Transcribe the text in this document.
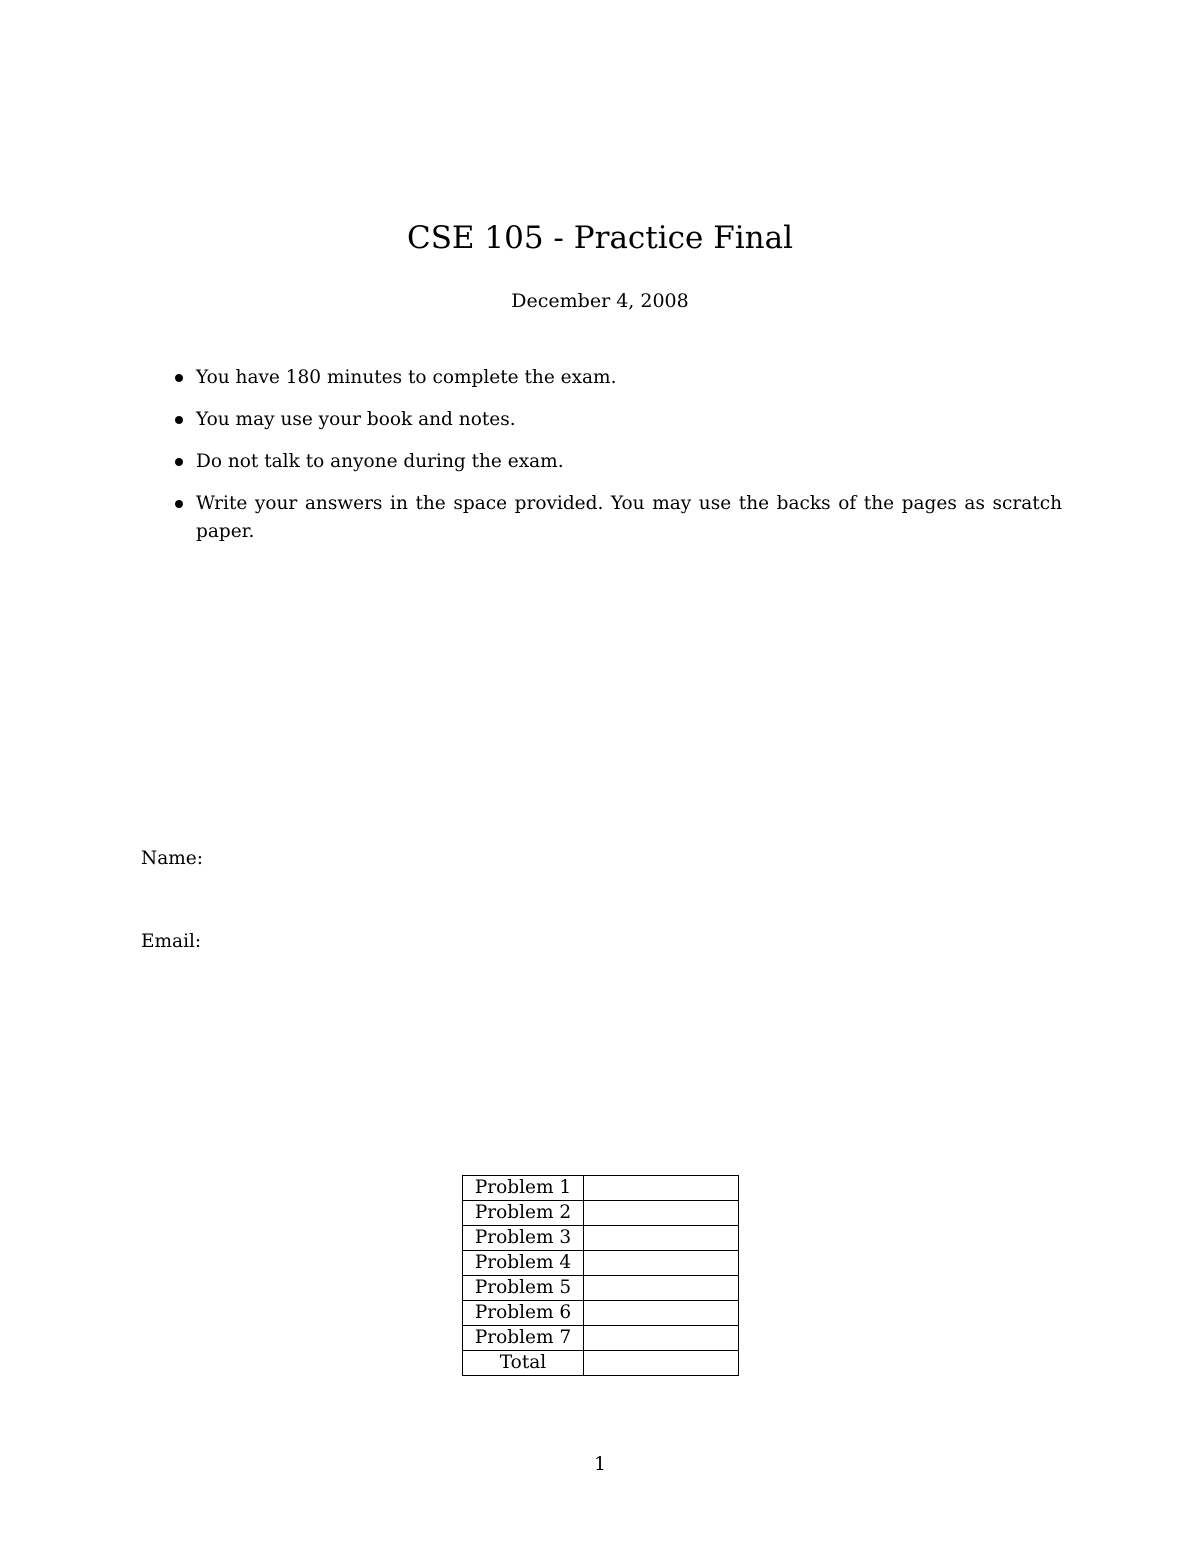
CSE 105 - Practice Final
December 4, 2008
You have 180 minutes to complete the exam.
You may use your book and notes.
Do not talk to anyone during the exam.
Write your answers in the space provided. You may use the backs of the pages as scratch paper.
Name:
Email:
Problem 1	
Problem 2	
Problem 3	
Problem 4	
Problem 5	
Problem 6	
Problem 7	
Total	
1
